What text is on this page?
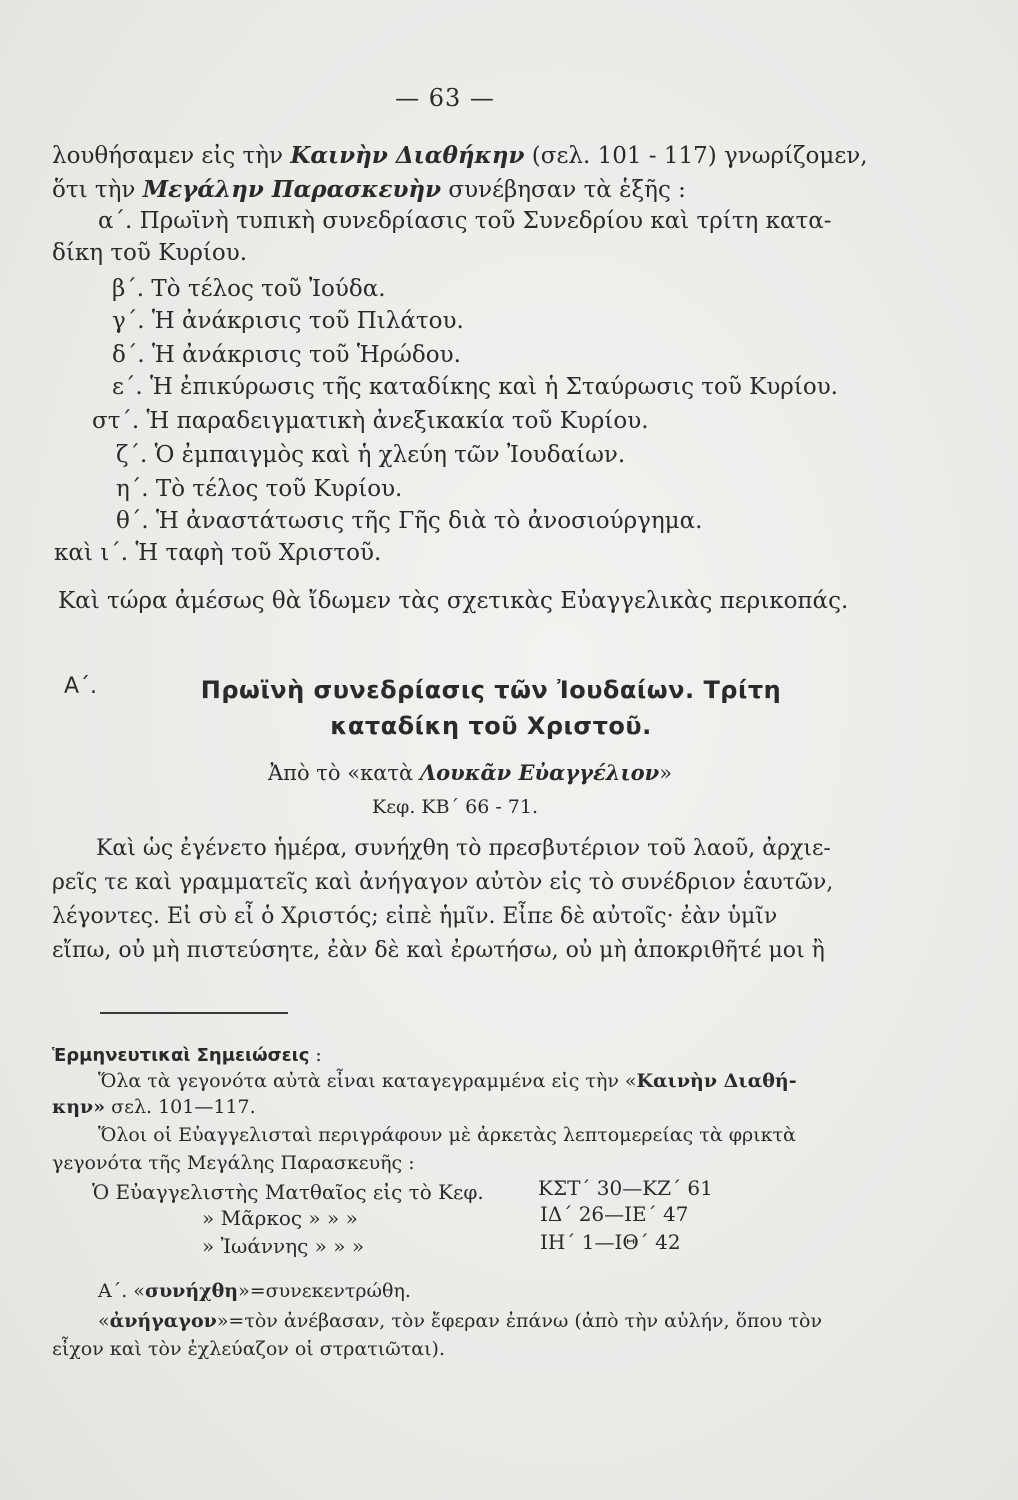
— 63 —
λουθήσαμεν εἰς τὴν Καινὴν Διαθήκην (σελ. 101 - 117) γνωρίζομεν,
ὅτι τὴν Μεγάλην Παρασκευὴν συνέβησαν τὰ ἑξῆς :
α΄. Πρωϊνὴ τυπικὴ συνεδρίασις τοῦ Συνεδρίου καὶ τρίτη κατα-
δίκη τοῦ Κυρίου.
β΄. Τὸ τέλος τοῦ Ἰούδα.
γ΄. Ἡ ἀνάκρισις τοῦ Πιλάτου.
δ΄. Ἡ ἀνάκρισις τοῦ Ἡρώδου.
ε΄. Ἡ ἐπικύρωσις τῆς καταδίκης καὶ ἡ Σταύρωσις τοῦ Κυρίου.
στ΄. Ἡ παραδειγματικὴ ἀνεξικακία τοῦ Κυρίου.
ζ΄. Ὁ ἐμπαιγμὸς καὶ ἡ χλεύη τῶν Ἰουδαίων.
η΄. Τὸ τέλος τοῦ Κυρίου.
θ΄. Ἡ ἀναστάτωσις τῆς Γῆς διὰ τὸ ἀνοσιούργημα.
καὶ ι΄. Ἡ ταφὴ τοῦ Χριστοῦ.
Καὶ τώρα ἀμέσως θὰ ἴδωμεν τὰς σχετικὰς Εὐαγγελικὰς περικοπάς.
Α΄.	Πρωϊνὴ συνεδρίασις τῶν Ἰουδαίων. Τρίτη
καταδίκη τοῦ Χριστοῦ.
Ἀπὸ τὸ «κατὰ Λουκᾶν Εὐαγγέλιον»
Κεφ. ΚΒ΄ 66 - 71.
Καὶ ὡς ἐγένετο ἡμέρα, συνήχθη τὸ πρεσβυτέριον τοῦ λαοῦ, ἀρχιε-
ρεῖς τε καὶ γραμματεῖς καὶ ἀνήγαγον αὐτὸν εἰς τὸ συνέδριον ἑαυτῶν,
λέγοντες. Εἰ σὺ εἶ ὁ Χριστός; εἰπὲ ἡμῖν. Εἶπε δὲ αὐτοῖς· ἐὰν ὑμῖν
εἴπω, οὐ μὴ πιστεύσητε, ἐὰν δὲ καὶ ἐρωτήσω, οὐ μὴ ἀποκριθῆτέ μοι ἢ
Ἑρμηνευτικαὶ Σημειώσεις :
Ὅλα τὰ γεγονότα αὐτὰ εἶναι καταγεγραμμένα εἰς τὴν «Καινὴν Διαθή-
κην» σελ. 101—117.
Ὅλοι οἱ Εὐαγγελισταὶ περιγράφουν μὲ ἀρκετὰς λεπτομερείας τὰ φρικτὰ
γεγονότα τῆς Μεγάλης Παρασκευῆς :
Ὁ Εὐαγγελιστὴς Ματθαῖος εἰς τὸ Κεφ.	ΚΣΤ΄ 30—ΚΖ΄ 61
» Μᾶρκος » » »	ΙΔ΄ 26—ΙΕ΄ 47
» Ἰωάννης » » »	ΙΗ΄ 1—ΙΘ΄ 42
Α΄. «συνήχθη»=συνεκεντρώθη.
«ἀνήγαγον»=τὸν ἀνέβασαν, τὸν ἔφεραν ἐπάνω (ἀπὸ τὴν αὐλήν, ὅπου τὸν
εἶχον καὶ τὸν ἐχλεύαζον οἱ στρατιῶται).
